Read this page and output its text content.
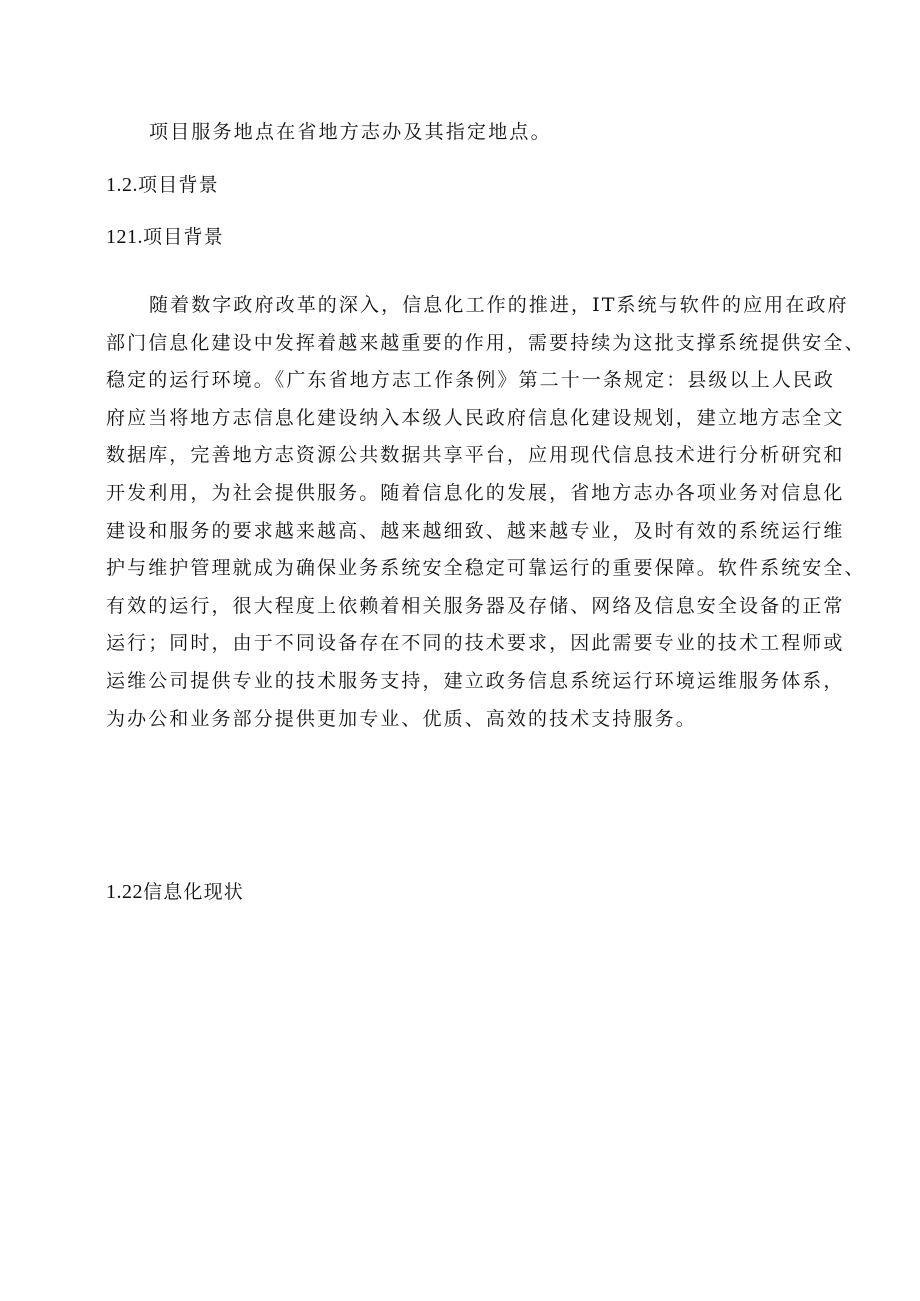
项目服务地点在省地方志办及其指定地点。
1.2.项目背景
121.项目背景
随着数字政府改革的深入，信息化工作的推进，IT系统与软件的应用在政府
部门信息化建设中发挥着越来越重要的作用，需要持续为这批支撑系统提供安全、
稳定的运行环境。《广东省地方志工作条例》第二十一条规定：县级以上人民政
府应当将地方志信息化建设纳入本级人民政府信息化建设规划，建立地方志全文
数据库，完善地方志资源公共数据共享平台，应用现代信息技术进行分析研究和
开发利用，为社会提供服务。随着信息化的发展，省地方志办各项业务对信息化
建设和服务的要求越来越高、越来越细致、越来越专业，及时有效的系统运行维
护与维护管理就成为确保业务系统安全稳定可靠运行的重要保障。软件系统安全、
有效的运行，很大程度上依赖着相关服务器及存储、网络及信息安全设备的正常
运行；同时，由于不同设备存在不同的技术要求，因此需要专业的技术工程师或
运维公司提供专业的技术服务支持，建立政务信息系统运行环境运维服务体系，
为办公和业务部分提供更加专业、优质、高效的技术支持服务。
1.22信息化现状
